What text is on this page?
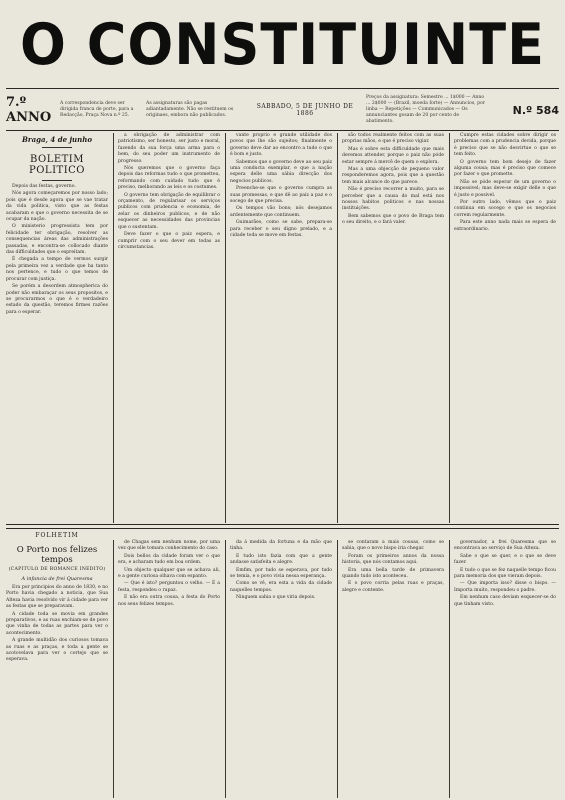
O CONSTITUINTE
7.º ANNO
A correspondencia deve ser dirigida franca de porte, para a Redacção, Praça Nova n.º 25.
As assignaturas são pagas adiantadamente. Não se restituem os originaes, embora não publicados.
SABBADO, 5 DE JUNHO DE 1886
Preços da assignatura: Semestre ... 1$000 — Anno ... 2$000 — (Brazil, moeda forte) — Annuncios, por linha — Repetições — Communicados — Os annunciantes gosam de 20 por cento de abatimento.
N.º 584
Braga, 4 de junho
BOLETIM POLITICO

Depois das festas, governo.

Nós agora começaremos por nosso lado; pois que é desde agora que se vae tratar da vida politica, visto que as festas acabaram e que o governo necessita de se ocupar da nação.

O ministerio progressista tem por felicidade ter obrigação, resolver as consequencias áreas das administrações passadas, e encontra-se collocado diante das difficuldades que o espreitam.

É chegada a tempo de vermos surgir pela primeira vez a verdade que ha tanto nos pertence, e tudo o que temos de procurar com justiça.

Se porém a desordem atmospherica do poder não embaraçar os seus propositos, e se procurarmos o que é o verdadeiro estado da questão, teremos firmes razões para o esperar.

a obrigação de administrar com patriotismo, ser honesto, ser justo e moral, fazendo da sua força uma arma para o bem, do seu poder um instrumento de progresso.

Nós queremos que o governo faça depois das reformas tudo o que prometteu, reformando com cuidado tudo que é preciso, melhorando as leis e os costumes.

O governo tem obrigação de equilibrar o orçamento, de regularisar os serviços publicos com prudencia e economia, de zelar os dinheiros publicos, e de não esquecer as necessidades das provincias que o sustentam.

Deve fazer o que o paiz espera, e cumprir com o seu dever em todas as circumstancias.

vante proprio e grande utilidade dos povos que lhe são sujeitos; finalmente o governo deve dar ao encontro a tudo o que é bom e justo.

Sabemos que o governo deve ao seu paiz uma conducta exemplar, e que a nação espera delle uma sábia direcção dos negocios publicos.

Preenche-se que o governo cumpra as suas promessas, e que dê ao paiz a paz e o socego de que precisa.

Os tempos vão bons; nós desejamos ardentemente que continuem.

Guimarães, como se sabe, prepara-se para receber o seu digno prelado, e a cidade toda se move em festas.

são todos realmente feitos com as suas proprias mãos, e que é preciso vigiar.

Mas é sobre esta difficuldade que mais devemos attender, porque o paiz não póde estar sempre á mercê de quem o explora.

Mas a uma objecção de pequeno valor responderemos agora, pois que a questão tem mais alcance do que parece.

Não é preciso recorrer a muito, para se perceber que a causa do mal está nos nossos habitos politicos e nas nossas instituições.

Bem sabemos que o povo de Braga tem o seu direito, e o fará valer.

Cumpre estas cidades sobre dirigir os problemas com a prudencia devida, porque é preciso que se não desvirtue o que se tem feito.

O governo tem bom desejo de fazer alguma cousa; mas é preciso que comece por fazer o que promette.

Não se póde esperar de um governo o impossivel; mas deve-se exigir delle o que é justo e possivel.

Por outro lado, vêmos que o paiz continua em socego e que os negocios correm regularmente.

Para este anno nada mais se espera de extraordinario.

FOLHETIM
O Porto nos felizes tempos
(CAPITULO DE ROMANCE INEDITO)
A infancia de frei Quaresma

Era por principios do anno de 1830, e no Porto havia chegado a noticia, que Sua Alteza havia resolvido vir á cidade para ver as festas que se preparavam.

A cidade toda se movia em grandes preparativos, e as ruas enchiam-se de povo que vinha de todas as partes para ver o acontecimento.

A grande multidão dos curiosos tomava as ruas e as praças, e toda a gente se acotovelava para ver o cortejo que se esperava.

de Chagas sem nenhum nome, por uma vez que elle tomara conhecimento do caso.

Dois bellos da cidade foram ver o que era, e acharam tudo em boa ordem.

Um objecto qualquer que se achava ali, e a gente curiosa olhava com espanto.

— Que é isto? perguntou o velho. — É a festa, respondeu o rapaz.

E não era outra cousa, a festa do Porto nos seus felizes tempos.

da á medida da fortuna e da mão que tinha.

E tudo isto fazia com que a gente andasse satisfeita e alegre.

Emfim, por tudo se esperava, por tudo se temia, e o povo vivia nessa esperança.

Como se vê, era esta a vida da cidade naquelles tempos.

Ninguem sabia o que viria depois.

se contaram a mais cousas, como se sabia, que o novo bispo iria chegar.

Foram os primeiros annos da nossa historia, que nós contamos aqui.

Era uma bella tarde de primavera quando tudo isto aconteceu.

E o povo corria pelas ruas e praças, alegre e contente.

governador, a frei Quaresma que se encontrava ao serviço de Sua Alteza.

Sabe o que se quer, e o que se deve fazer.

E tudo o que se fez naquelle tempo ficou para memoria dos que vieram depois.

— Que importa isso? disse o bispo. — Importa muito, respondeu o padre.

Em nenhum caso deviam esquecer-se do que tinham visto.
